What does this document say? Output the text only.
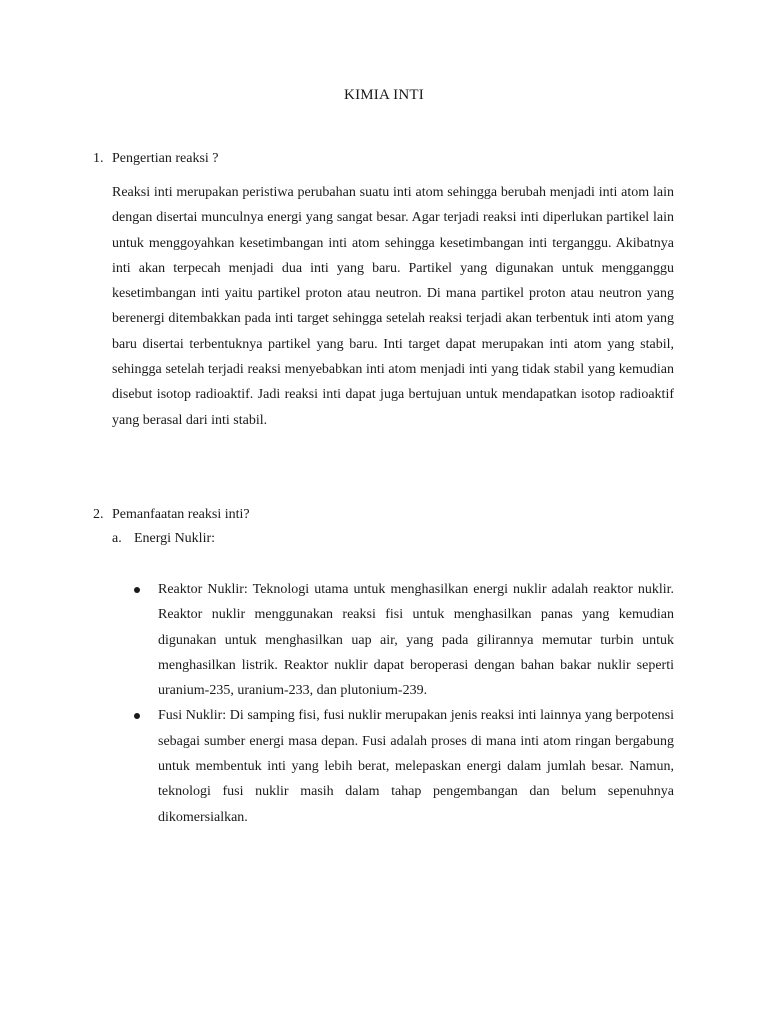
KIMIA INTI
1. Pengertian reaksi ?

Reaksi inti merupakan peristiwa perubahan suatu inti atom sehingga berubah menjadi inti atom lain dengan disertai munculnya energi yang sangat besar. Agar terjadi reaksi inti diperlukan partikel lain untuk menggoyahkan kesetimbangan inti atom sehingga kesetimbangan inti terganggu. Akibatnya inti akan terpecah menjadi dua inti yang baru. Partikel yang digunakan untuk mengganggu kesetimbangan inti yaitu partikel proton atau neutron. Di mana partikel proton atau neutron yang berenergi ditembakkan pada inti target sehingga setelah reaksi terjadi akan terbentuk inti atom yang baru disertai terbentuknya partikel yang baru. Inti target dapat merupakan inti atom yang stabil, sehingga setelah terjadi reaksi menyebabkan inti atom menjadi inti yang tidak stabil yang kemudian disebut isotop radioaktif. Jadi reaksi inti dapat juga bertujuan untuk mendapatkan isotop radioaktif yang berasal dari inti stabil.

2. Pemanfaatan reaksi inti?
a. Energi Nuklir:
Reaktor Nuklir: Teknologi utama untuk menghasilkan energi nuklir adalah reaktor nuklir. Reaktor nuklir menggunakan reaksi fisi untuk menghasilkan panas yang kemudian digunakan untuk menghasilkan uap air, yang pada gilirannya memutar turbin untuk menghasilkan listrik. Reaktor nuklir dapat beroperasi dengan bahan bakar nuklir seperti uranium-235, uranium-233, dan plutonium-239.
Fusi Nuklir: Di samping fisi, fusi nuklir merupakan jenis reaksi inti lainnya yang berpotensi sebagai sumber energi masa depan. Fusi adalah proses di mana inti atom ringan bergabung untuk membentuk inti yang lebih berat, melepaskan energi dalam jumlah besar. Namun, teknologi fusi nuklir masih dalam tahap pengembangan dan belum sepenuhnya dikomersialkan.
